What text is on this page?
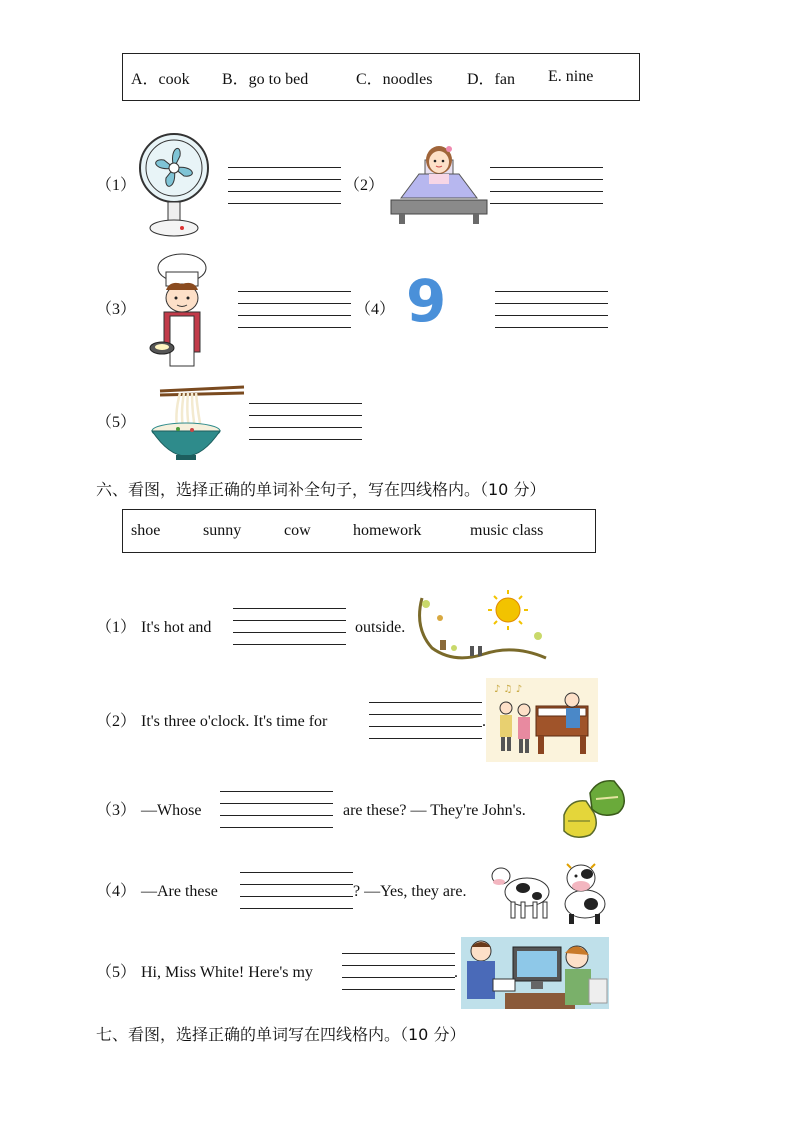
A．cook B．go to bed	C．noodles D．fan E. nine
（1）	（2）
（3）	（4） 9
（5）
六、看图，选择正确的单词补全句子，写在四线格内。（10 分）
shoe	sunny	cow	homework	music class
（1） It's hot and	outside.
（2） It's three o'clock. It's time for	.
♪ ♫ ♪
（3） —Whose	are these? — They're John's.
（4） —Are these	? —Yes, they are.
（5） Hi, Miss White! Here's my	.
七、看图，选择正确的单词写在四线格内。（10 分）
